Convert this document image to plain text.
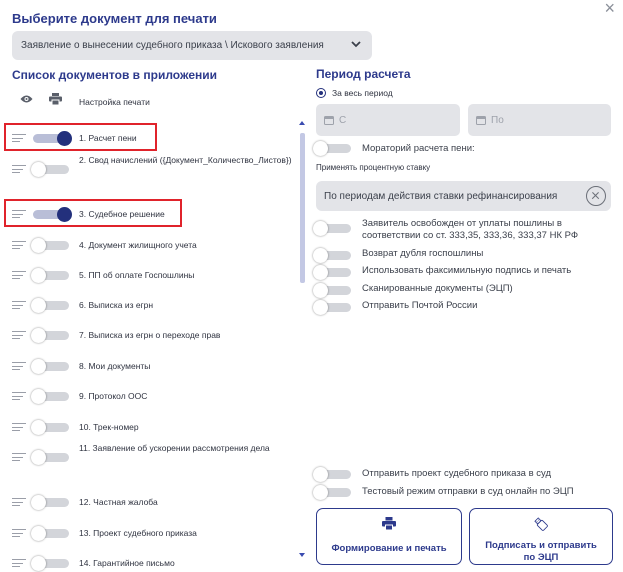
Выберите документ для печати
×
Заявление о вынесении судебного приказа \ Искового заявления
Список документов в приложении
Настройка печати
1. Расчет пени
2. Свод начислений ({Документ_Количество_Листов})
3. Судебное решение
4. Документ жилищного учета
5. ПП об оплате Госпошлины
6. Выписка из егрн
7. Выписка из егрн о переходе прав
8. Мои документы
9. Протокол ООС
10. Трек-номер
11. Заявление об ускорении рассмотрения дела
12. Частная жалоба
13. Проект судебного приказа
14. Гарантийное письмо
Период расчета
За весь период
С	По
Мораторий расчета пени:
Применять процентную ставку
По периодам действия ставки рефинансирования
Заявитель освобожден от уплаты пошлины в соответствии со ст. 333,35, 333,36, 333,37 НК РФ
Возврат дубля госпошлины
Использовать факсимильную подпись и печать
Сканированные документы (ЭЦП)
Отправить Почтой России
Отправить проект судебного приказа в суд
Тестовый режим отправки в суд онлайн по ЭЦП
Формирование и печать	Подписать и отправить
по ЭЦП
